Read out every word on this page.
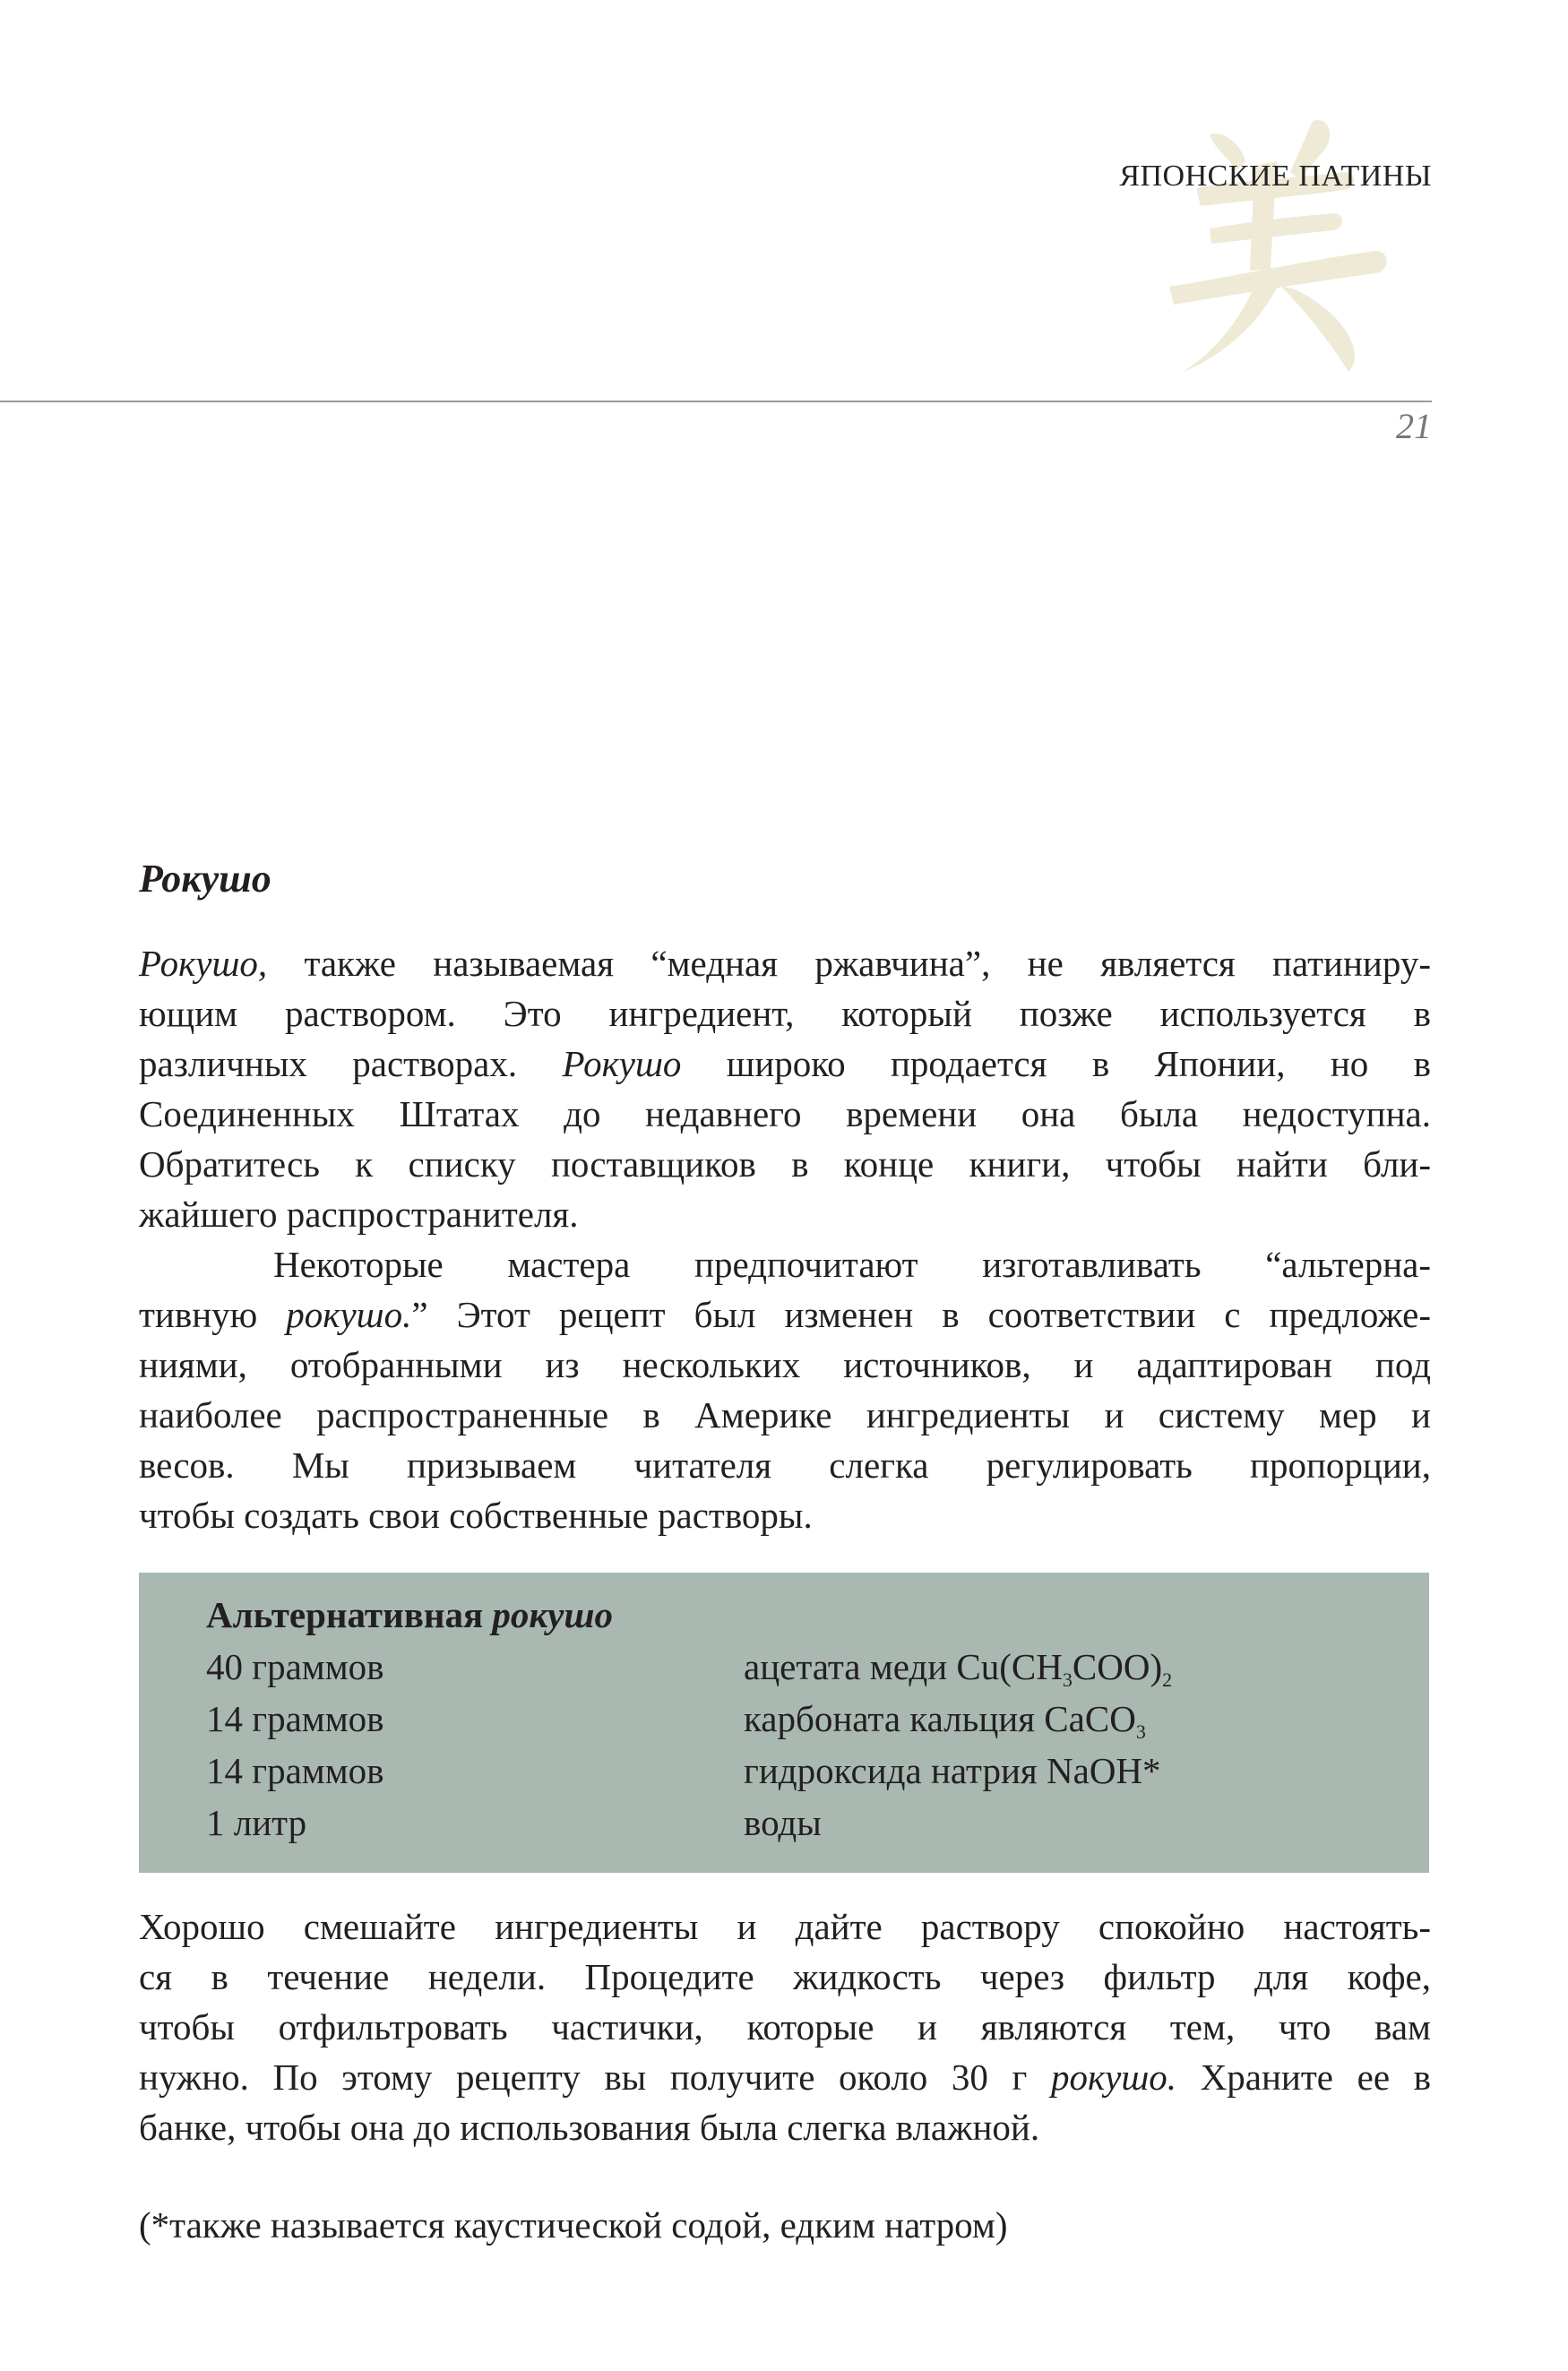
ЯПОНСКИЕ ПАТИНЫ
21
Рокушо
Рокушо, также называемая “медная ржавчина”, не является патиниру-
ющим раствором. Это ингредиент, который позже используется в
различных растворах. Рокушо широко продается в Японии, но в
Соединенных Штатах до недавнего времени она была недоступна.
Обратитесь к списку поставщиков в конце книги, чтобы найти бли-
жайшего распространителя.
Некоторые мастера предпочитают изготавливать “альтерна-
тивную рокушо.” Этот рецепт был изменен в соответствии с предложе-
ниями, отобранными из нескольких источников, и адаптирован под
наиболее распространенные в Америке ингредиенты и систему мер и
весов. Мы призываем читателя слегка регулировать пропорции,
чтобы создать свои собственные растворы.
Альтернативная рокушо
40 граммов	ацетата меди $Cu(CH_3COO)_2$
14 граммов	карбоната кальция CaCO$_3$
14 граммов	гидроксида натрия NaOH*
1 литр	воды
Хорошо смешайте ингредиенты и дайте раствору спокойно настоять-
ся в течение недели. Процедите жидкость через фильтр для кофе,
чтобы отфильтровать частички, которые и являются тем, что вам
нужно. По этому рецепту вы получите около 30 г рокушо. Храните ее в
банке, чтобы она до использования была слегка влажной.
(*также называется каустической содой, едким натром)
